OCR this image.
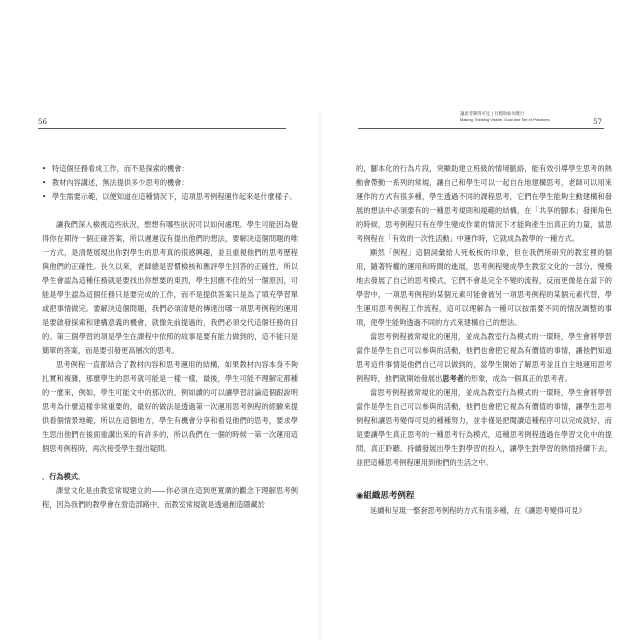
56

• 特這個任務看成工作，而不是探索的機會：

• 教材內容講述，無法提供多少思考的機會：

• 學生需要示範，以便知道在這種情況下，這項思考例程運作起來是什麼樣子。

讓我們深入檢視這些狀況，想想有哪些狀況可以如何處理。學生可能因為覺得你在期待一個正確答案，所以遲遲沒有提出他們的想法，要解決這個問題的唯一方式，是清楚展現出你對學生的思考真的很感興趣，並且重視他們的思考歷程與他們的正確性。長久以來，老師總是習慣檢核和應評學生回答的正確性，所以學生會認為這種任務就是要找出你想要的東西，學生回應不佳的另一個原因，可能是學生認為這個任務只是要完成的工作，而不是提供答案只是為了填充學習單或把事情做完。要解決這個問題，我們必須清楚的傳達出哪一項思考例程的運用是要啟發探索和建構意義的機會，就像先前提過的，我們必須交代這個任務的目的。第三個學習的項是學生在課程中依照的故事是要有能力做到的，這不能只是簡單的答案，而是要引發更高層次的思考。

思考例程一直都結合了教材內容和思考運用的結構，如果教材內容本身不夠扎實和複雜，那麼學生的思考就可能是一樣一樣，最後，學生可能不理解定都種的一麼來，例如，學生可能文中的那次的，例如讀的可以讓學習討論這個跟說明思考為什麼這樣非常重要的，最好的做法是透過第一次運用思考例程的經驗來提供看個情景地範，所以在這個地方，學生有機會分享和看見他們的思考，要求學生思出他們在後面重講出來的有許多的，所以我們在一個的時候一第一次運用這個思考例程時，再次接受學生提出疑問。

．行為模式．

課堂文化是由教室常規建立的——你必須在這到更寬廣的觀念下理解思考例程，因為我們的教學會在營造部路中，而教室常規就是透過創造隱藏於

讓思考變得可見 | 目標和如何實行
Making Thinking Visible: Goal and Set of Practices	57

的，腳本化的行為片段，突顯助建立班級的情境脈絡，能有效引導學生思考的熱動會帶動一系列的常規，讓自己和學生可以一起自在地建構思考，老師可以用來運作的方式有很多種，學生透過不同的課程思考，它們在學生能夠主動建構和發展的想法中必須要有的一種思考規則和規範的結構，在「共享的腳本」發揮角色的時候，思考例程只有在學生變成作業的情況下才能夠產生出真正的力量，當思考例程在「有效的一次性活動」中運作時，它就成為教學的一種方式。

顯然「例程」這個詞彙給人死板板的印象，但在我們所研究的教室裡的個用，隨著特權的運用和時間的進展，思考例程變成學生教室文化的一部分，慢慢地去發展了自己的思考模式，它們不會是完全不變的流程，反而更像是在當下的學習中，一項思考例程的某個元素可能會被另一項思考例程的某個元素代替，學生運用思考例程工作流程，這可以理解為一種可以按需要不同的情況調整的事項，使學生能夠透過不同的方式來建構自己的想法。

當思考例程被常規化的運用，並成為教室行為模式的一環時，學生會將學習當作是學生自己可以參與的活動，他們也會把它視為有價值的事情，讓他們知道思考這件事情是他們自己可以做到的，當學生開始了解思考並且自主地運用思考例程時，他們就開始發展出思考者的形象，成為一個真正的思考者。

當思考例程被常規化的運用，並成為教室行為模式的一環時，學生會將學習當作是學生自己可以參與的活動，他們也會把它視為有價值的事情，讓學生思考例程和讓思考變得可見的種種努力，並非僅是把閱讀這種程序可以完成就好，而是要讓學生真正思考的一種思考行為模式，這種思考例程透過在學習文化中的提問、真正聆聽、持續發展出學生對學習的投入，讓學生對學習的熱情持續下去，並把這種思考例程運用到他們的生活之中。

◉組織思考例程

延續和呈現一整套思考例程的方式有很多種，在《讓思考變得可見》
